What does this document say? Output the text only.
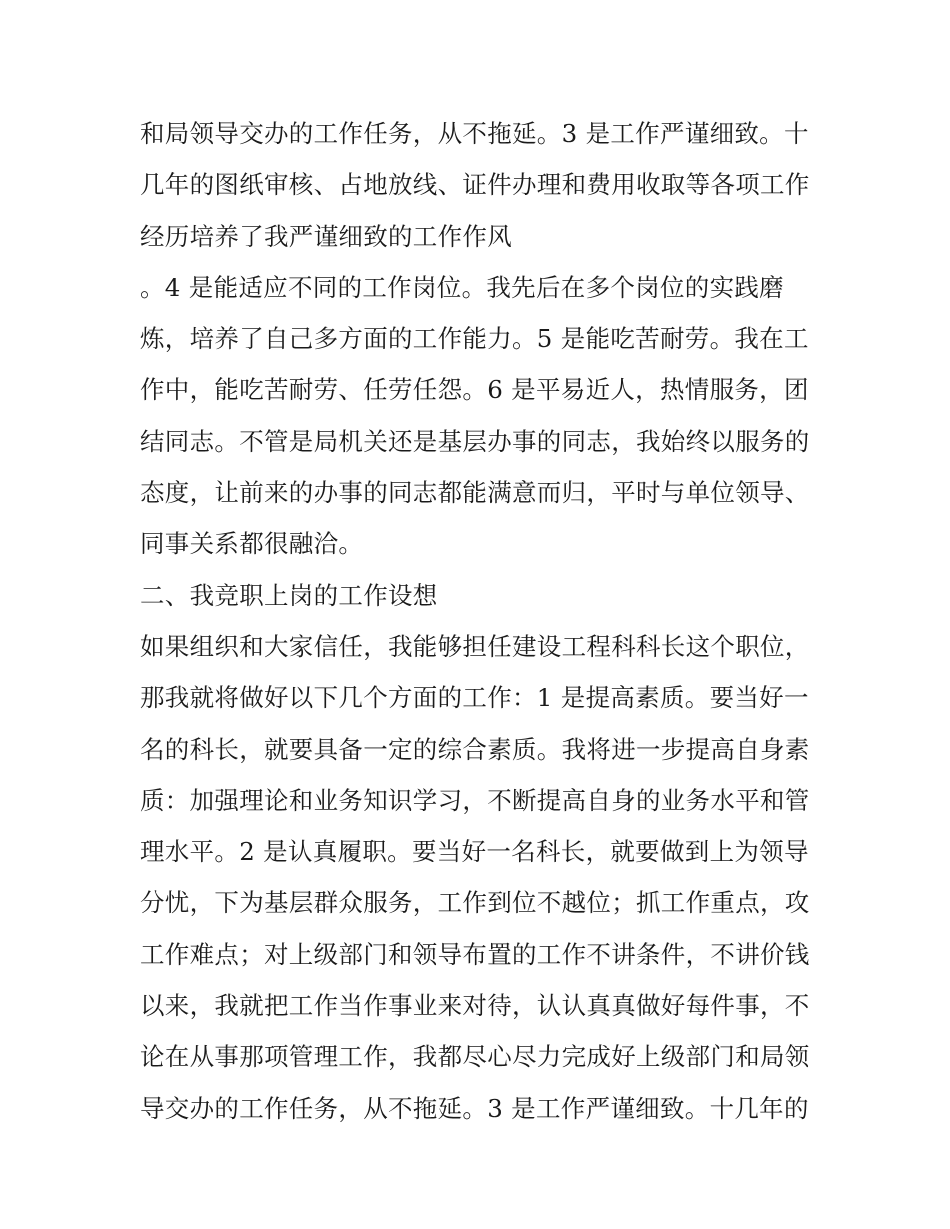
和局领导交办的工作任务，从不拖延。3 是工作严谨细致。十
几年的图纸审核、占地放线、证件办理和费用收取等各项工作
经历培养了我严谨细致的工作作风
。4 是能适应不同的工作岗位。我先后在多个岗位的实践磨
炼，培养了自己多方面的工作能力。5 是能吃苦耐劳。我在工
作中，能吃苦耐劳、任劳任怨。6 是平易近人，热情服务，团
结同志。不管是局机关还是基层办事的同志，我始终以服务的
态度，让前来的办事的同志都能满意而归，平时与单位领导、
同事关系都很融洽。
二、我竞职上岗的工作设想
如果组织和大家信任，我能够担任建设工程科科长这个职位，
那我就将做好以下几个方面的工作：1 是提高素质。要当好一
名的科长，就要具备一定的综合素质。我将进一步提高自身素
质：加强理论和业务知识学习，不断提高自身的业务水平和管
理水平。2 是认真履职。要当好一名科长，就要做到上为领导
分忧，下为基层群众服务，工作到位不越位；抓工作重点，攻
工作难点；对上级部门和领导布置的工作不讲条件，不讲价钱
以来，我就把工作当作事业来对待，认认真真做好每件事，不
论在从事那项管理工作，我都尽心尽力完成好上级部门和局领
导交办的工作任务，从不拖延。3 是工作严谨细致。十几年的
